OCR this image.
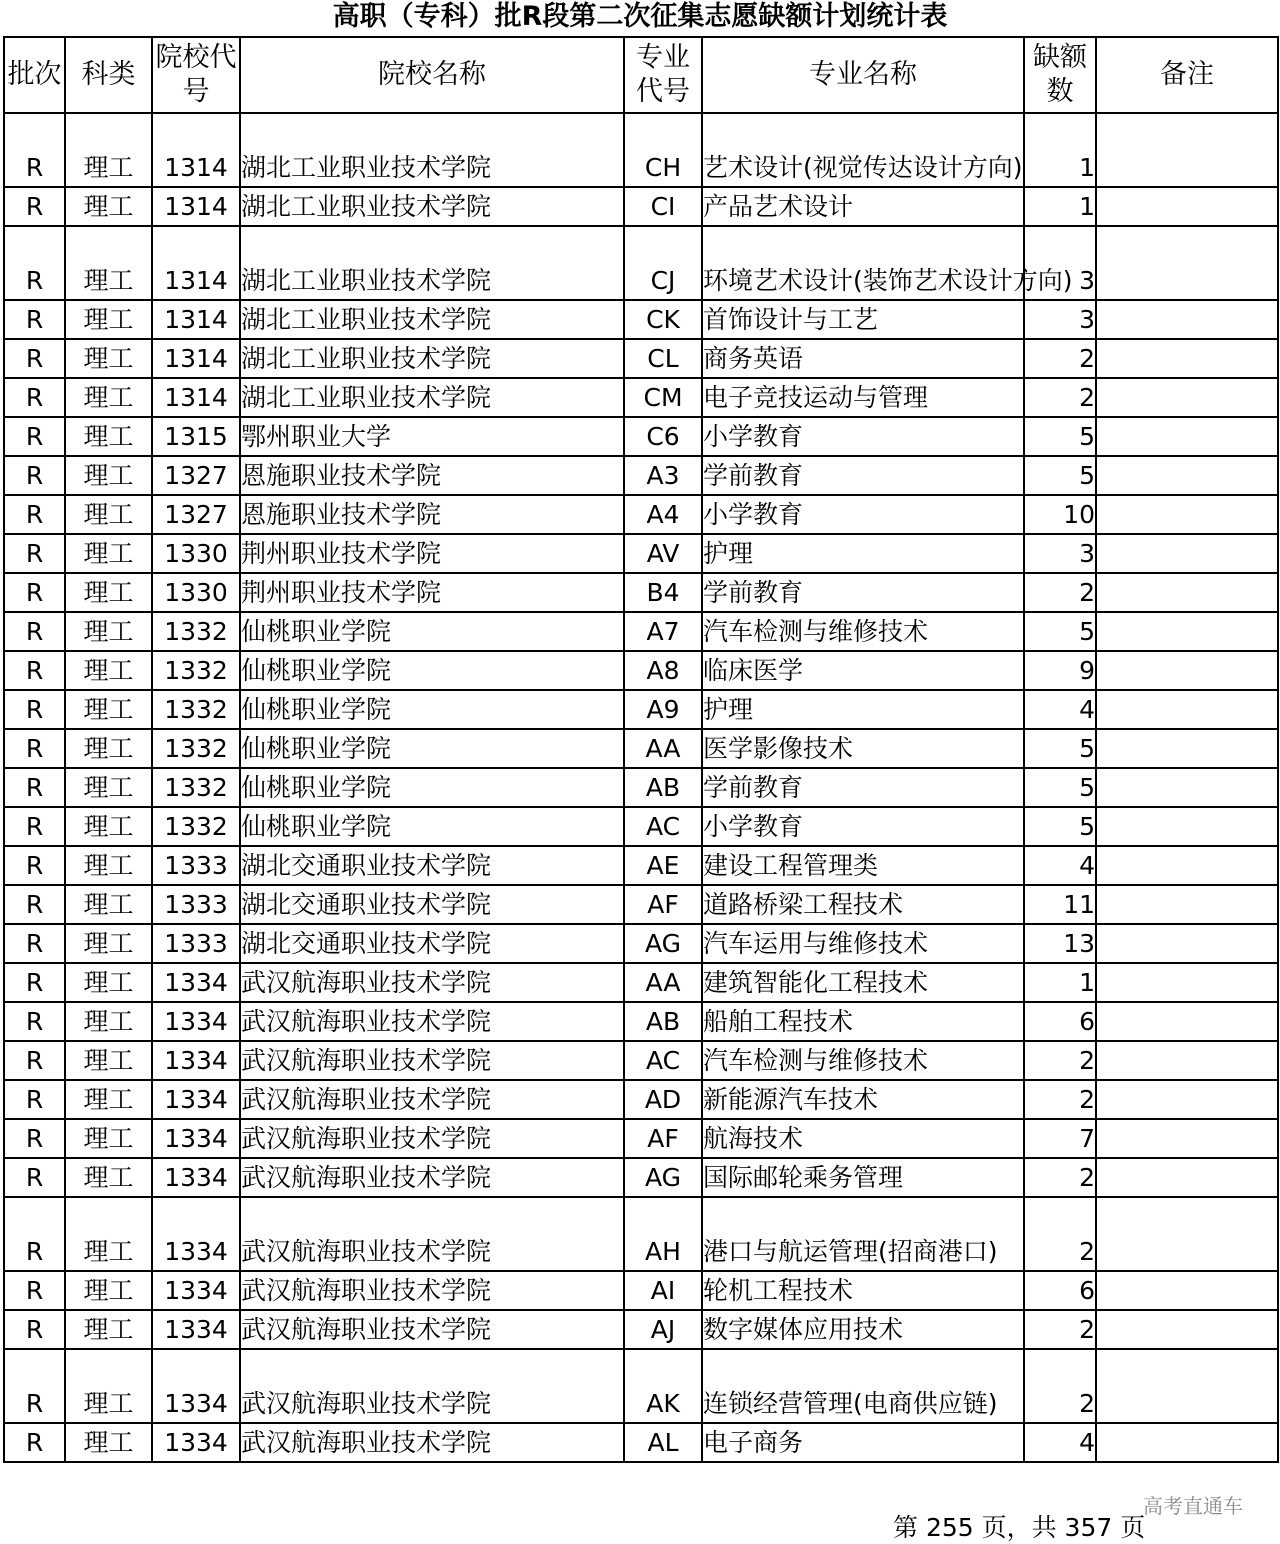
高职（专科）批R段第二次征集志愿缺额计划统计表
批次	科类	院校代号	院校名称	专业代号	专业名称	缺额数	备注
R	理工	1314	湖北工业职业技术学院	CH	艺术设计(视觉传达设计方向)	1	
R	理工	1314	湖北工业职业技术学院	CI	产品艺术设计	1	
R	理工	1314	湖北工业职业技术学院	CJ	环境艺术设计(装饰艺术设计方向)	3	
R	理工	1314	湖北工业职业技术学院	CK	首饰设计与工艺	3	
R	理工	1314	湖北工业职业技术学院	CL	商务英语	2	
R	理工	1314	湖北工业职业技术学院	CM	电子竞技运动与管理	2	
R	理工	1315	鄂州职业大学	C6	小学教育	5	
R	理工	1327	恩施职业技术学院	A3	学前教育	5	
R	理工	1327	恩施职业技术学院	A4	小学教育	10	
R	理工	1330	荆州职业技术学院	AV	护理	3	
R	理工	1330	荆州职业技术学院	B4	学前教育	2	
R	理工	1332	仙桃职业学院	A7	汽车检测与维修技术	5	
R	理工	1332	仙桃职业学院	A8	临床医学	9	
R	理工	1332	仙桃职业学院	A9	护理	4	
R	理工	1332	仙桃职业学院	AA	医学影像技术	5	
R	理工	1332	仙桃职业学院	AB	学前教育	5	
R	理工	1332	仙桃职业学院	AC	小学教育	5	
R	理工	1333	湖北交通职业技术学院	AE	建设工程管理类	4	
R	理工	1333	湖北交通职业技术学院	AF	道路桥梁工程技术	11	
R	理工	1333	湖北交通职业技术学院	AG	汽车运用与维修技术	13	
R	理工	1334	武汉航海职业技术学院	AA	建筑智能化工程技术	1	
R	理工	1334	武汉航海职业技术学院	AB	船舶工程技术	6	
R	理工	1334	武汉航海职业技术学院	AC	汽车检测与维修技术	2	
R	理工	1334	武汉航海职业技术学院	AD	新能源汽车技术	2	
R	理工	1334	武汉航海职业技术学院	AF	航海技术	7	
R	理工	1334	武汉航海职业技术学院	AG	国际邮轮乘务管理	2	
R	理工	1334	武汉航海职业技术学院	AH	港口与航运管理(招商港口)	2	
R	理工	1334	武汉航海职业技术学院	AI	轮机工程技术	6	
R	理工	1334	武汉航海职业技术学院	AJ	数字媒体应用技术	2	
R	理工	1334	武汉航海职业技术学院	AK	连锁经营管理(电商供应链)	2	
R	理工	1334	武汉航海职业技术学院	AL	电子商务	4	
高考直通车
第 255 页，共 357 页
